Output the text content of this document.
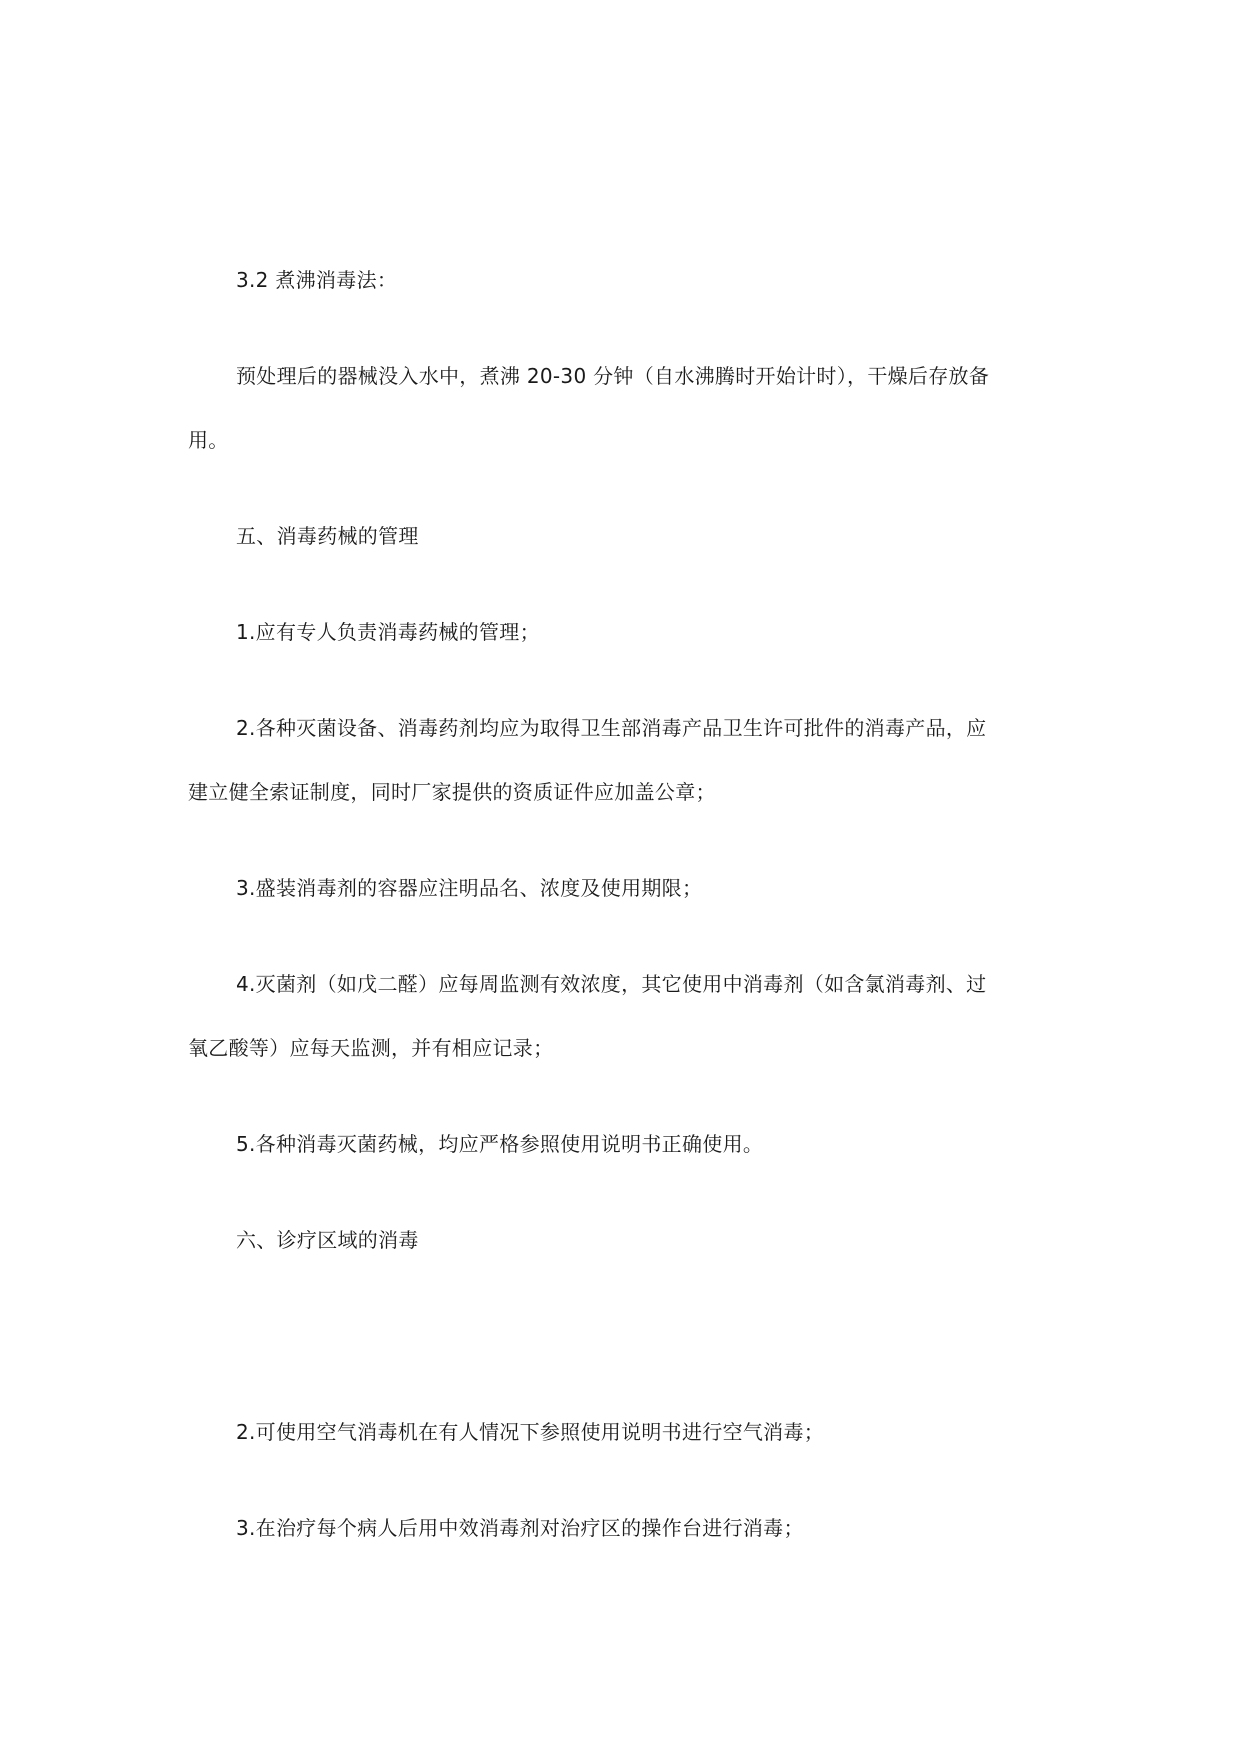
3.2 煮沸消毒法：

预处理后的器械没入水中，煮沸 20-30 分钟（自水沸腾时开始计时），干燥后存放备

用。

五、消毒药械的管理

1.应有专人负责消毒药械的管理；

2.各种灭菌设备、消毒药剂均应为取得卫生部消毒产品卫生许可批件的消毒产品，应

建立健全索证制度，同时厂家提供的资质证件应加盖公章；

3.盛装消毒剂的容器应注明品名、浓度及使用期限；

4.灭菌剂（如戊二醛）应每周监测有效浓度，其它使用中消毒剂（如含氯消毒剂、过

氧乙酸等）应每天监测，并有相应记录；

5.各种消毒灭菌药械，均应严格参照使用说明书正确使用。

六、诊疗区域的消毒

2.可使用空气消毒机在有人情况下参照使用说明书进行空气消毒；

3.在治疗每个病人后用中效消毒剂对治疗区的操作台进行消毒；
